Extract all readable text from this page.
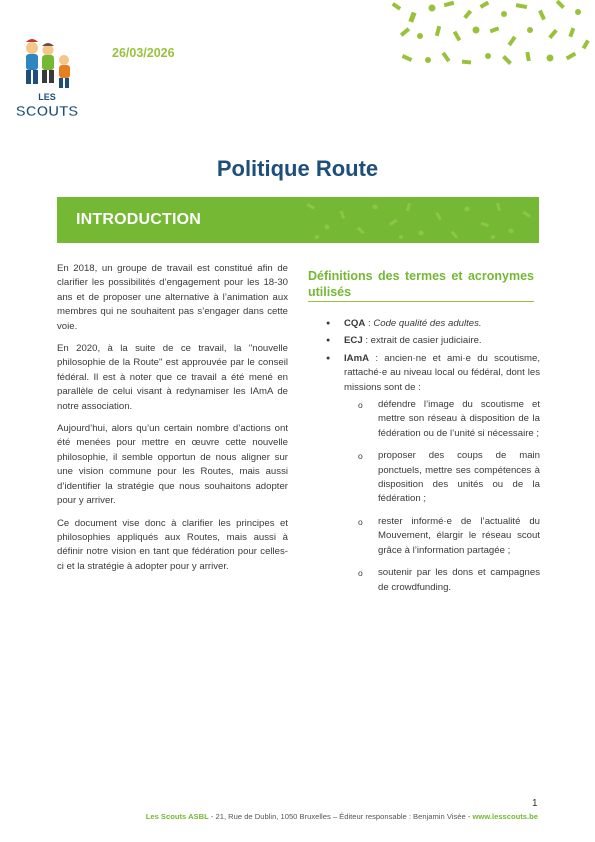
LES
SCOUTS
26/03/2026
Politique Route
INTRODUCTION

En 2018, un groupe de travail est constitué afin de clarifier les possibilités d’engagement pour les 18-30 ans et de proposer une alternative à l’animation aux membres qui ne souhaitent pas s’engager dans cette voie.

En 2020, à la suite de ce travail, la "nouvelle philosophie de la Route" est approuvée par le conseil fédéral. Il est à noter que ce travail a été mené en parallèle de celui visant à redynamiser les IAmA de notre association.

Aujourd’hui, alors qu’un certain nombre d’actions ont été menées pour mettre en œuvre cette nouvelle philosophie, il semble opportun de nous aligner sur une vision commune pour les Routes, mais aussi d’identifier la stratégie que nous souhaitons adopter pour y arriver.

Ce document vise donc à clarifier les principes et philosophies appliqués aux Routes, mais aussi à définir notre vision en tant que fédération pour celles-ci et la stratégie à adopter pour y arriver.

Définitions des termes et acronymes utilisés
● CQA : Code qualité des adultes.
● ECJ : extrait de casier judiciaire.
● IAmA : ancien·ne et ami·e du scoutisme, rattaché·e au niveau local ou fédéral, dont les missions sont de :
o défendre l’image du scoutisme et mettre son réseau à disposition de la fédération ou de l’unité si nécessaire ;
o proposer des coups de main ponctuels, mettre ses compétences à disposition des unités ou de la fédération ;
o rester informé·e de l’actualité du Mouvement, élargir le réseau scout grâce à l’information partagée ;
o soutenir par les dons et campagnes de crowdfunding.
1
Les Scouts ASBL - 21, Rue de Dublin, 1050 Bruxelles – Éditeur responsable : Benjamin Visée - www.lesscouts.be
